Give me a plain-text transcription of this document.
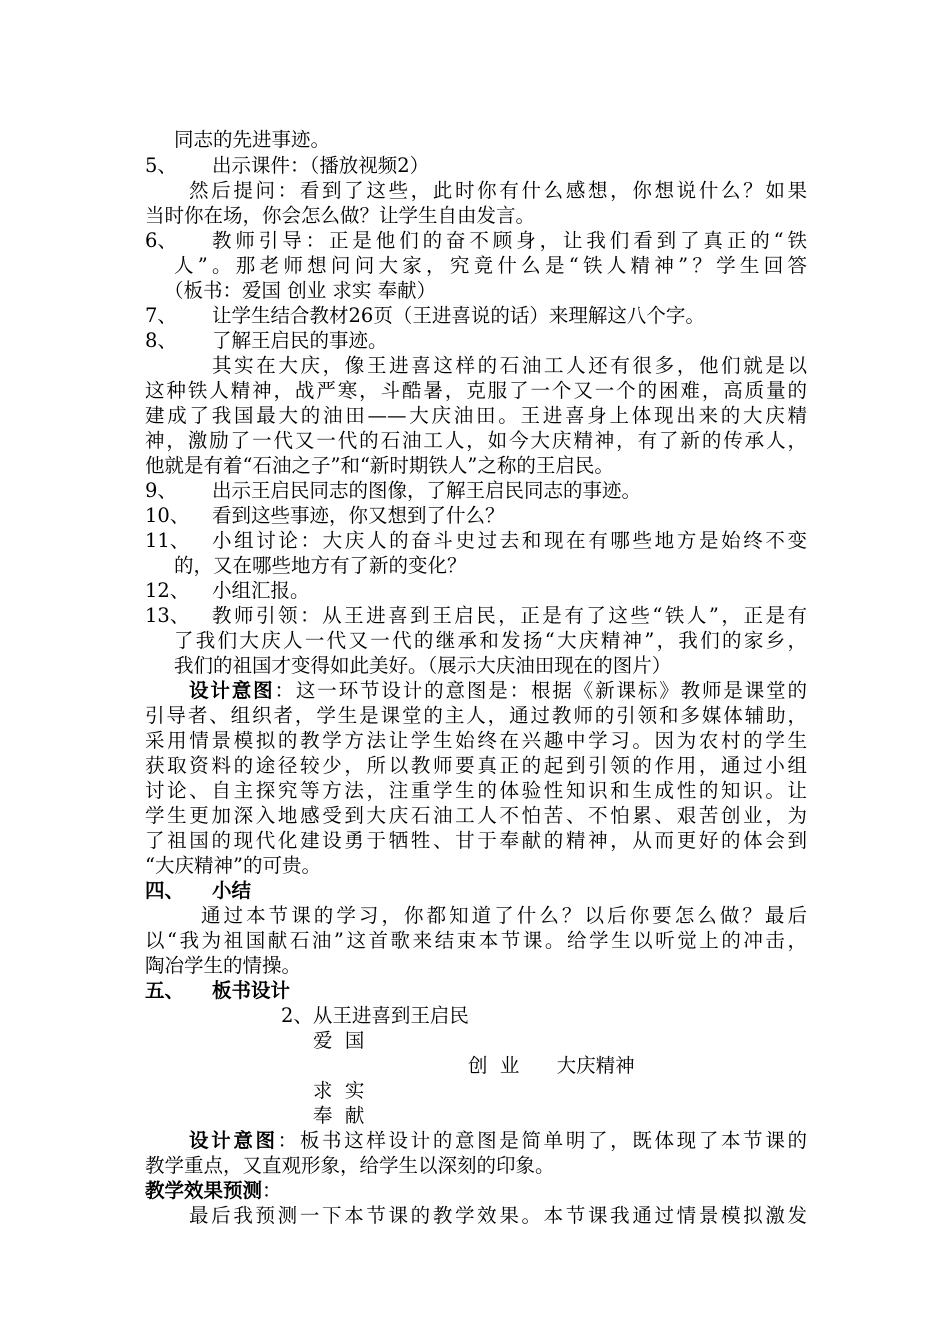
同志的先进事迹。
5、 出示课件：（播放视频2）
然后提问：看到了这些，此时你有什么感想，你想说什么？如果
当时你在场，你会怎么做？让学生自由发言。
6、 教师引导：正是他们的奋不顾身，让我们看到了真正的“铁
人”。那老师想问问大家，究竟什么是“铁人精神”？学生回答
（板书：爱国 创业 求实 奉献）
7、 让学生结合教材26页（王进喜说的话）来理解这八个字。
8、 了解王启民的事迹。
其实在大庆，像王进喜这样的石油工人还有很多，他们就是以
这种铁人精神，战严寒，斗酷暑，克服了一个又一个的困难，高质量的
建成了我国最大的油田——大庆油田。王进喜身上体现出来的大庆精
神，激励了一代又一代的石油工人，如今大庆精神，有了新的传承人，
他就是有着“石油之子”和“新时期铁人”之称的王启民。
9、 出示王启民同志的图像，了解王启民同志的事迹。
10、 看到这些事迹，你又想到了什么？
11、 小组讨论：大庆人的奋斗史过去和现在有哪些地方是始终不变
的，又在哪些地方有了新的变化？
12、 小组汇报。
13、 教师引领：从王进喜到王启民，正是有了这些“铁人”，正是有
了我们大庆人一代又一代的继承和发扬“大庆精神”，我们的家乡，
我们的祖国才变得如此美好。（展示大庆油田现在的图片）
设计意图：这一环节设计的意图是：根据《新课标》教师是课堂的
引导者、组织者，学生是课堂的主人，通过教师的引领和多媒体辅助，
采用情景模拟的教学方法让学生始终在兴趣中学习。因为农村的学生
获取资料的途径较少，所以教师要真正的起到引领的作用，通过小组
讨论、自主探究等方法，注重学生的体验性知识和生成性的知识。让
学生更加深入地感受到大庆石油工人不怕苦、不怕累、艰苦创业，为
了祖国的现代化建设勇于牺牲、甘于奉献的精神，从而更好的体会到
“大庆精神”的可贵。
四、 小结
通过本节课的学习，你都知道了什么？以后你要怎么做？最后
以“我为祖国献石油”这首歌来结束本节课。给学生以听觉上的冲击，
陶冶学生的情操。
五、 板书设计
2、从王进喜到王启民
爱  国
创  业      大庆精神
求  实
奉  献
设计意图：板书这样设计的意图是简单明了，既体现了本节课的
教学重点，又直观形象，给学生以深刻的印象。
教学效果预测：
最后我预测一下本节课的教学效果。本节课我通过情景模拟激发
